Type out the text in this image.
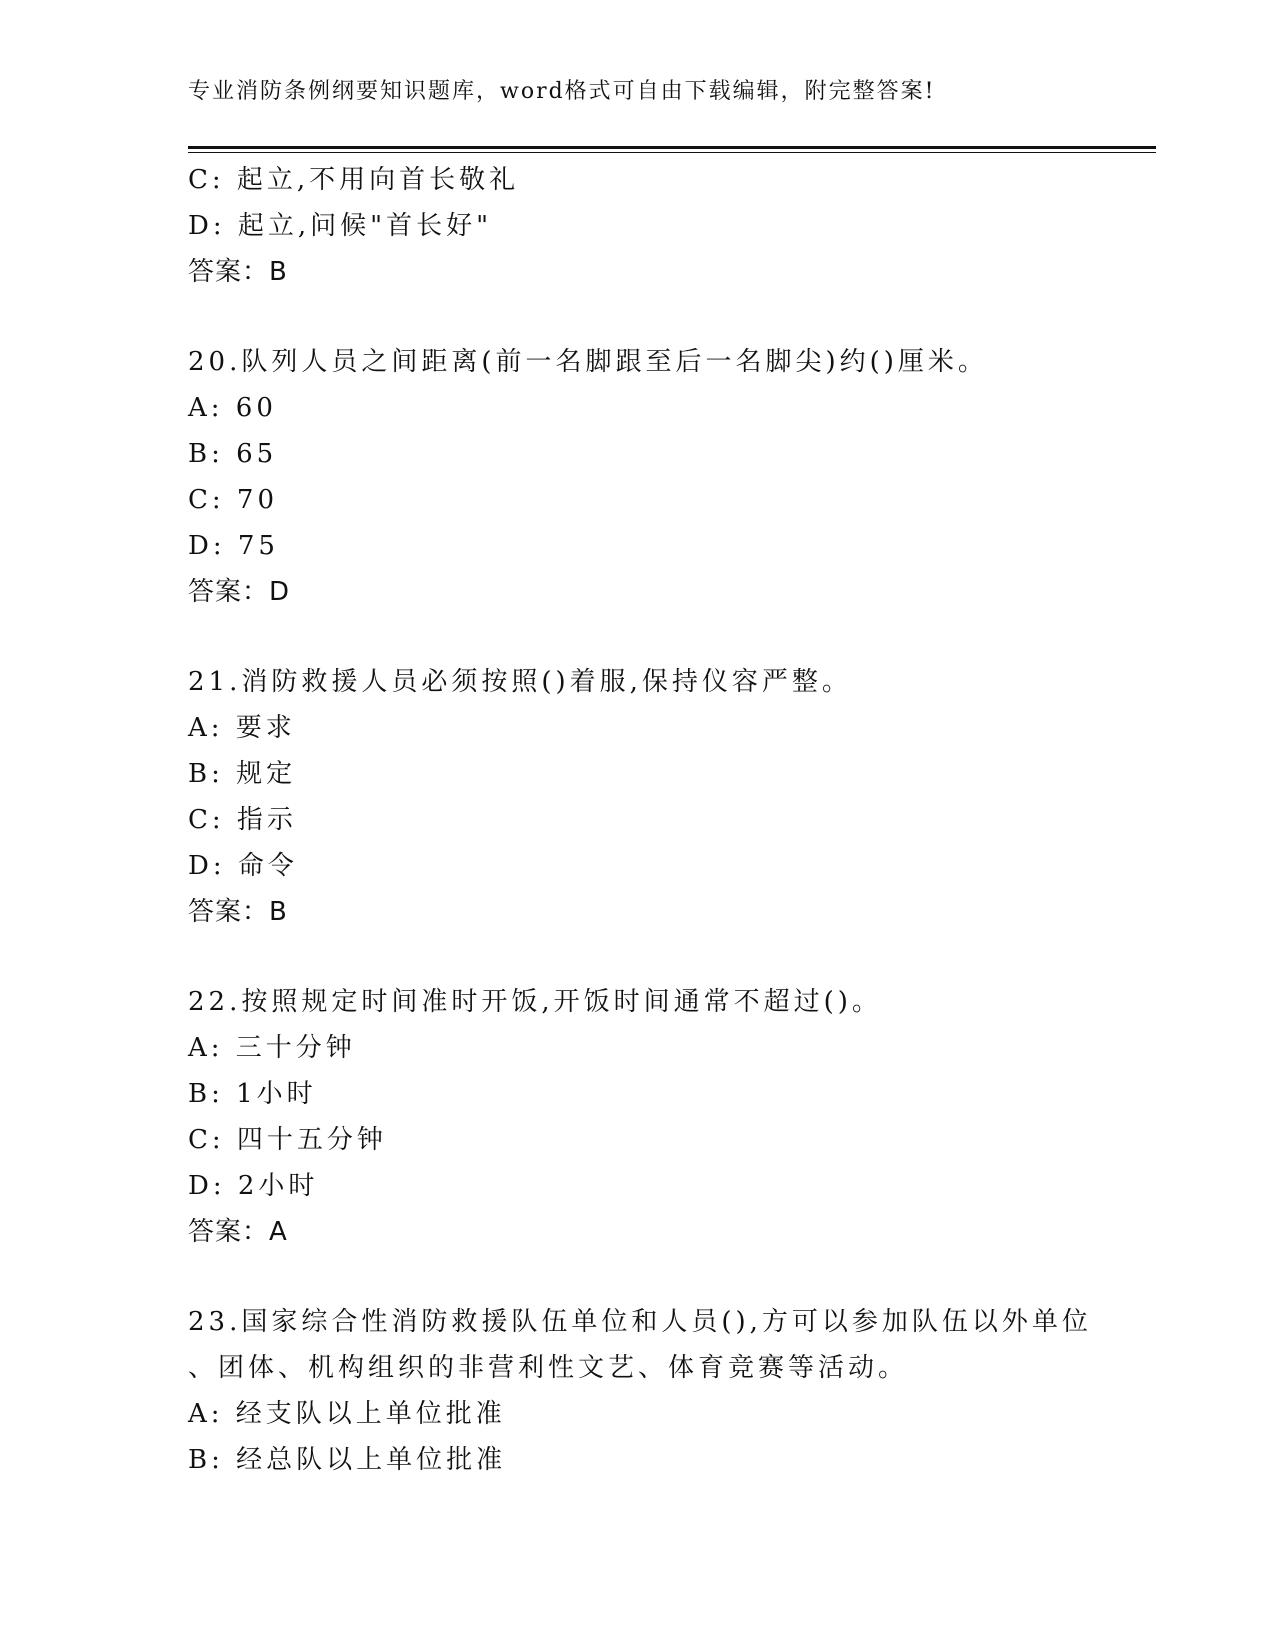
专业消防条例纲要知识题库，word格式可自由下载编辑，附完整答案!
C: 起立,不用向首长敬礼
D: 起立,问候"首长好"
答案：B
20.队列人员之间距离(前一名脚跟至后一名脚尖)约()厘米。
A: 60
B: 65
C: 70
D: 75
答案：D
21.消防救援人员必须按照()着服,保持仪容严整。
A: 要求
B: 规定
C: 指示
D: 命令
答案：B
22.按照规定时间准时开饭,开饭时间通常不超过()。
A: 三十分钟
B: 1小时
C: 四十五分钟
D: 2小时
答案：A
23.国家综合性消防救援队伍单位和人员(),方可以参加队伍以外单位
、团体、机构组织的非营利性文艺、体育竞赛等活动。
A: 经支队以上单位批准
B: 经总队以上单位批准
